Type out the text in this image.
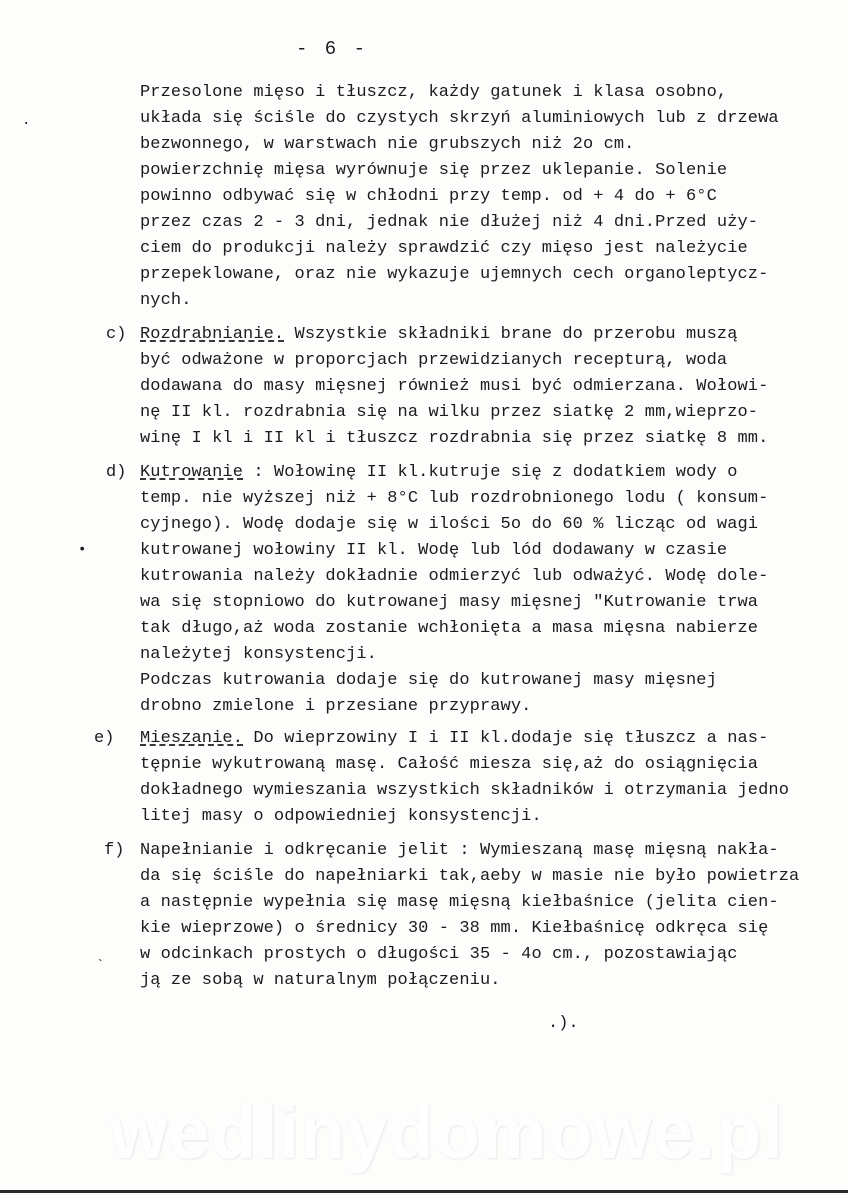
- 6 -
Przesolone mięso i tłuszcz, każdy gatunek i klasa osobno,
układa się ściśle do czystych skrzyń aluminiowych lub z drzewa
bezwonnego, w warstwach nie grubszych niż 2o cm.
powierzchnię mięsa wyrównuje się przez uklepanie. Solenie
powinno odbywać się w chłodni przy temp. od + 4 do + 6°C
przez czas 2 - 3 dni, jednak nie dłużej niż 4 dni.Przed uży-
ciem do produkcji należy sprawdzić czy mięso jest należycie
przepeklowane, oraz nie wykazuje ujemnych cech organoleptycz-
nych.
c) Rozdrabnianie. Wszystkie składniki brane do przerobu muszą
być odważone w proporcjach przewidzianych recepturą, woda
dodawana do masy mięsnej również musi być odmierzana. Wołowi-
nę II kl. rozdrabnia się na wilku przez siatkę 2 mm,wieprzo-
winę I kl i II kl i tłuszcz rozdrabnia się przez siatkę 8 mm.
d) Kutrowanie : Wołowinę II kl.kutruje się z dodatkiem wody o
temp. nie wyższej niż + 8°C lub rozdrobnionego lodu ( konsum-
cyjnego). Wodę dodaje się w ilości 5o do 60 % licząc od wagi
kutrowanej wołowiny II kl. Wodę lub lód dodawany w czasie
kutrowania należy dokładnie odmierzyć lub odważyć. Wodę dole-
wa się stopniowo do kutrowanej masy mięsnej "Kutrowanie trwa
tak długo,aż woda zostanie wchłonięta a masa mięsna nabierze
należytej konsystencji.
Podczas kutrowania dodaje się do kutrowanej masy mięsnej
drobno zmielone i przesiane przyprawy.
e) Mieszanie. Do wieprzowiny I i II kl.dodaje się tłuszcz a nas-
tępnie wykutrowaną masę. Całość miesza się,aż do osiągnięcia
dokładnego wymieszania wszystkich składników i otrzymania jedno
litej masy o odpowiedniej konsystencji.
f) Napełnianie i odkręcanie jelit : Wymieszaną masę mięsną nakła-
da się ściśle do napełniarki tak,aeby w masie nie było powietrza
a następnie wypełnia się masę mięsną kiełbaśnice (jelita cien-
kie wieprzowe) o średnicy 30 - 38 mm. Kiełbaśnicę odkręca się
w odcinkach prostych o długości 35 - 4o cm., pozostawiając
ją ze sobą w naturalnym połączeniu.
.).
·
•
`
wedlinydomowe.pl
